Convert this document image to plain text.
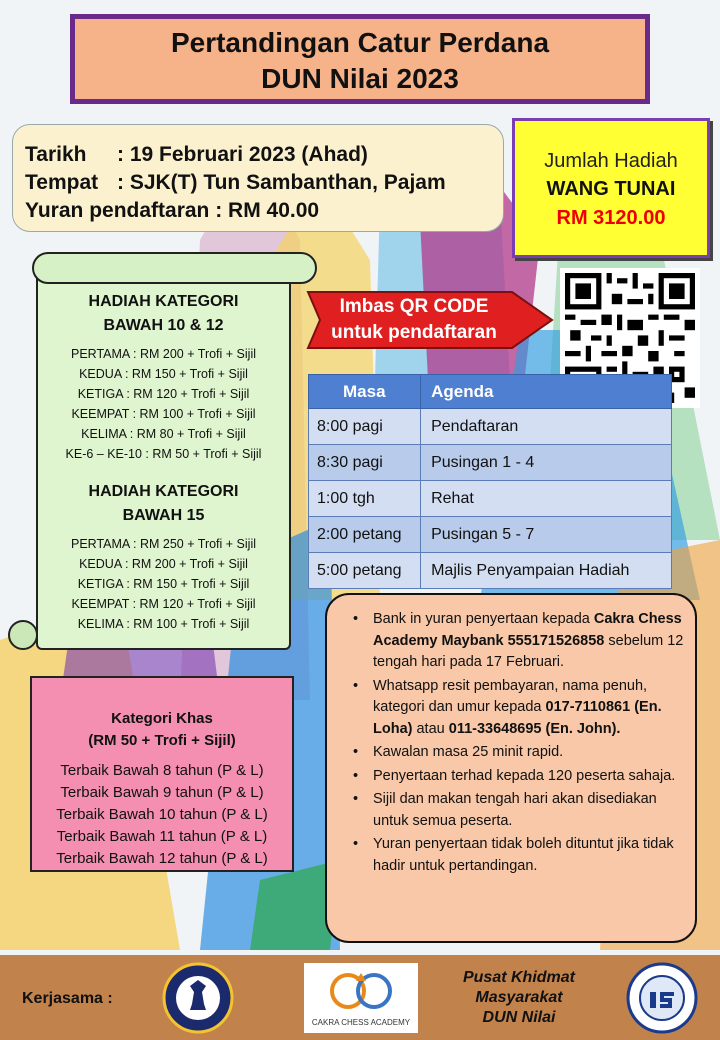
Pertandingan Catur Perdana
DUN Nilai 2023
Tarikh : 19 Februari 2023 (Ahad)
Tempat : SJK(T) Tun Sambanthan, Pajam
Yuran pendaftaran : RM 40.00
Jumlah Hadiah
WANG TUNAI
RM 3120.00
HADIAH KATEGORI
BAWAH 10 & 12
PERTAMA : RM 200 + Trofi + Sijil
KEDUA : RM 150 + Trofi + Sijil
KETIGA : RM 120 + Trofi + Sijil
KEEMPAT : RM 100 + Trofi + Sijil
KELIMA : RM 80 + Trofi + Sijil
KE-6 – KE-10 : RM 50 + Trofi + Sijil
HADIAH KATEGORI
BAWAH 15
PERTAMA : RM 250 + Trofi + Sijil
KEDUA : RM 200 + Trofi + Sijil
KETIGA : RM 150 + Trofi + Sijil
KEEMPAT : RM 120 + Trofi + Sijil
KELIMA : RM 100 + Trofi + Sijil
Imbas QR CODE
untuk pendaftaran
Masa	Agenda
8:00 pagi	Pendaftaran
8:30 pagi	Pusingan 1 - 4
1:00 tgh	Rehat
2:00 petang	Pusingan 5 - 7
5:00 petang	Majlis Penyampaian Hadiah
• Bank in yuran penyertaan kepada Cakra Chess Academy Maybank 555171526858 sebelum 12 tengah hari pada 17 Februari.
• Whatsapp resit pembayaran, nama penuh, kategori dan umur kepada 017-7110861 (En. Loha) atau 011-33648695 (En. John).
• Kawalan masa 25 minit rapid.
• Penyertaan terhad kepada 120 peserta sahaja.
• Sijil dan makan tengah hari akan disediakan untuk semua peserta.
• Yuran penyertaan tidak boleh dituntut jika tidak hadir untuk pertandingan.
Kategori Khas
(RM 50 + Trofi + Sijil)
Terbaik Bawah 8 tahun (P & L)
Terbaik Bawah 9 tahun (P & L)
Terbaik Bawah 10 tahun (P & L)
Terbaik Bawah 11 tahun (P & L)
Terbaik Bawah 12 tahun (P & L)
Kerjasama :
CAKRA CHESS ACADEMY
Pusat Khidmat
Masyarakat
DUN Nilai
